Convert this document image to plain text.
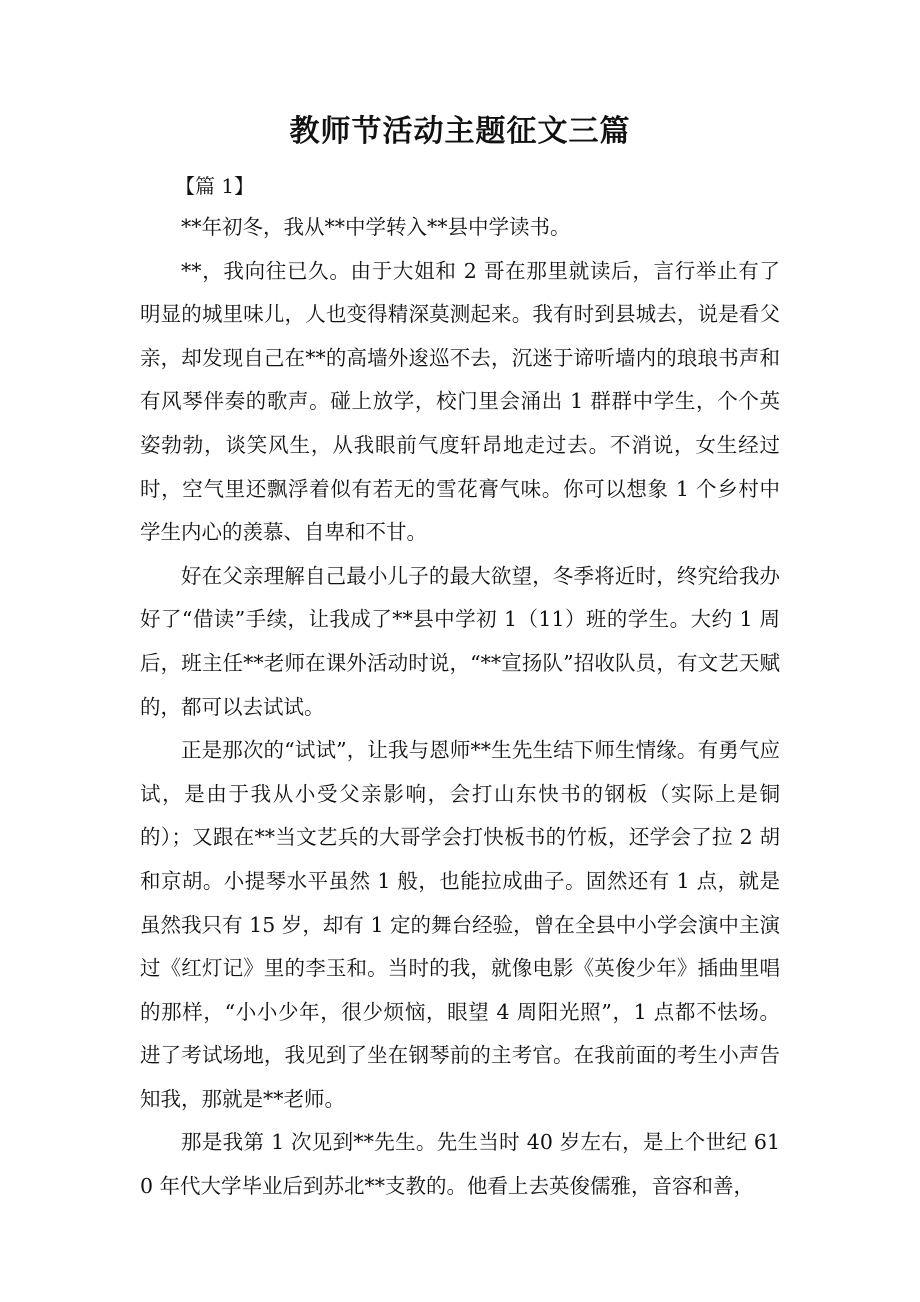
教师节活动主题征文三篇

【篇 1】

**年初冬，我从**中学转入**县中学读书。

**，我向往已久。由于大姐和 2 哥在那里就读后，言行举止有了明显的城里味儿，人也变得精深莫测起来。我有时到县城去，说是看父亲，却发现自己在**的高墙外逡巡不去，沉迷于谛听墙内的琅琅书声和有风琴伴奏的歌声。碰上放学，校门里会涌出 1 群群中学生，个个英姿勃勃，谈笑风生，从我眼前气度轩昂地走过去。不消说，女生经过时，空气里还飘浮着似有若无的雪花膏气味。你可以想象 1 个乡村中学生内心的羡慕、自卑和不甘。

好在父亲理解自己最小儿子的最大欲望，冬季将近时，终究给我办好了“借读”手续，让我成了**县中学初 1（11）班的学生。大约 1 周后，班主任**老师在课外活动时说，“**宣扬队”招收队员，有文艺天赋的，都可以去试试。

正是那次的“试试”，让我与恩师**生先生结下师生情缘。有勇气应试，是由于我从小受父亲影响，会打山东快书的钢板（实际上是铜的）；又跟在**当文艺兵的大哥学会打快板书的竹板，还学会了拉 2 胡和京胡。小提琴水平虽然 1 般，也能拉成曲子。固然还有 1 点，就是虽然我只有 15 岁，却有 1 定的舞台经验，曾在全县中小学会演中主演过《红灯记》里的李玉和。当时的我，就像电影《英俊少年》插曲里唱的那样，“小小少年，很少烦恼，眼望 4 周阳光照”，1 点都不怯场。进了考试场地，我见到了坐在钢琴前的主考官。在我前面的考生小声告知我，那就是**老师。

那是我第 1 次见到**先生。先生当时 40 岁左右，是上个世纪 610 年代大学毕业后到苏北**支教的。他看上去英俊儒雅，音容和善，
